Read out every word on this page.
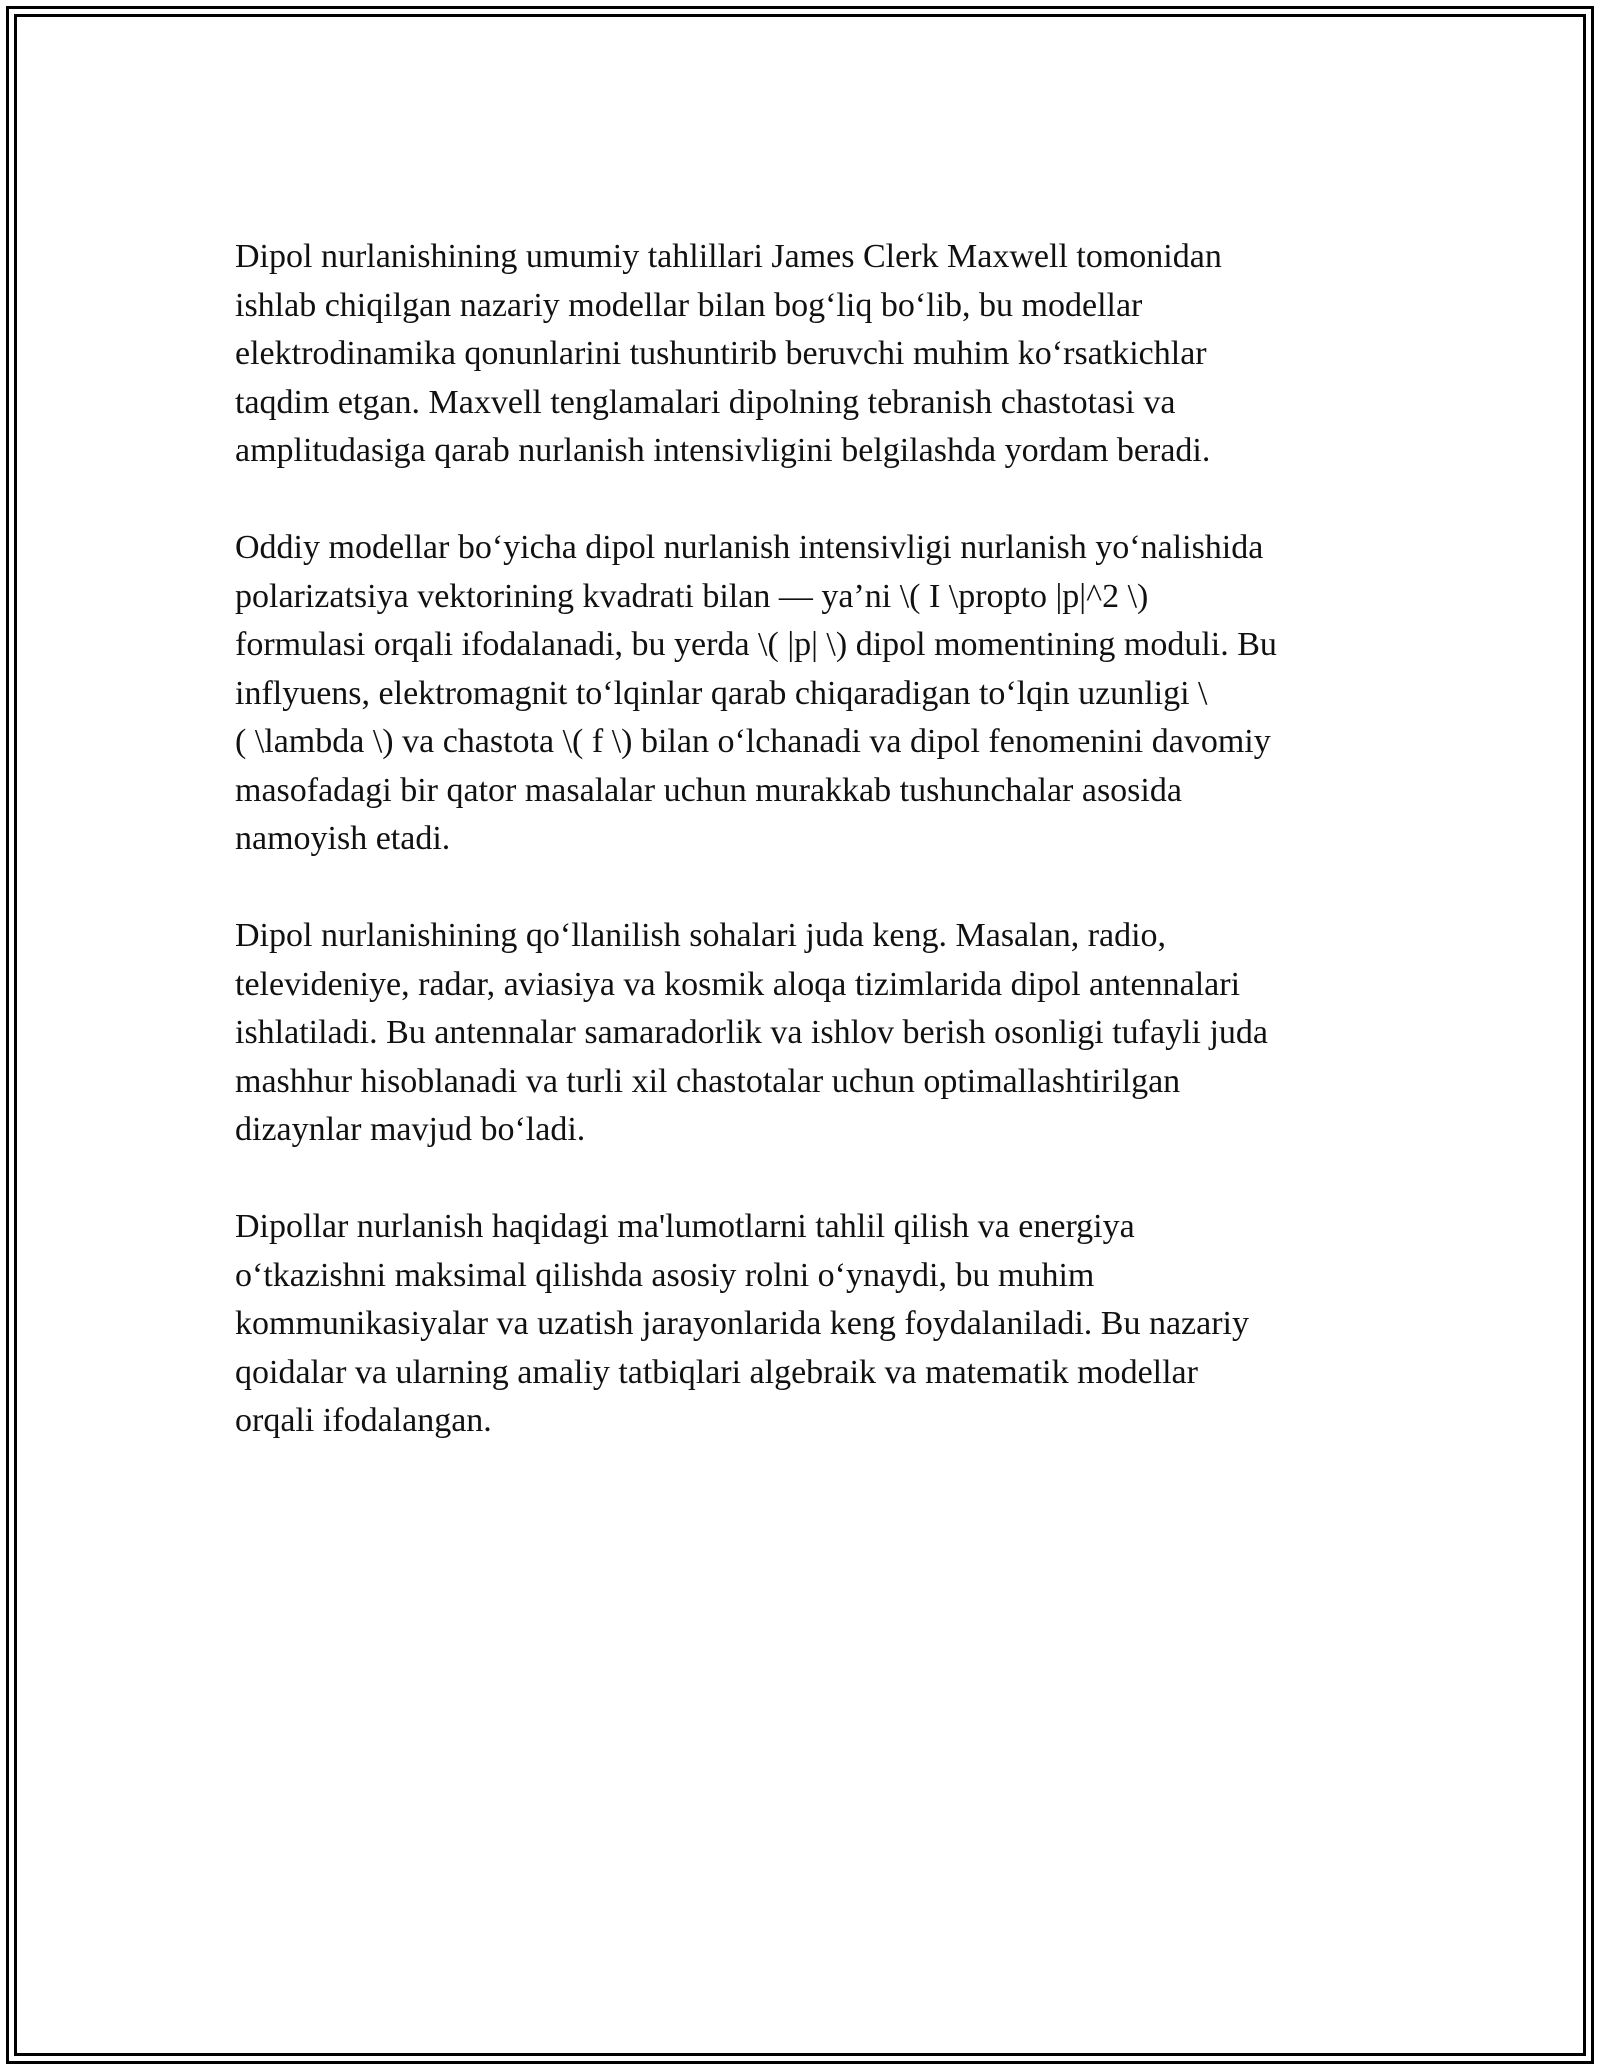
Dipol nurlanishining umumiy tahlillari James Clerk Maxwell tomonidan
ishlab chiqilgan nazariy modellar bilan bog‘liq bo‘lib, bu modellar
elektrodinamika qonunlarini tushuntirib beruvchi muhim ko‘rsatkichlar
taqdim etgan. Maxvell tenglamalari dipolning tebranish chastotasi va
amplitudasiga qarab nurlanish intensivligini belgilashda yordam beradi.

Oddiy modellar bo‘yicha dipol nurlanish intensivligi nurlanish yo‘nalishida
polarizatsiya vektorining kvadrati bilan — ya’ni \( I \propto |p|^2 \)
formulasi orqali ifodalanadi, bu yerda \( |p| \) dipol momentining moduli. Bu
inflyuens, elektromagnit to‘lqinlar qarab chiqaradigan to‘lqin uzunligi \
( \lambda \) va chastota \( f \) bilan o‘lchanadi va dipol fenomenini davomiy
masofadagi bir qator masalalar uchun murakkab tushunchalar asosida
namoyish etadi.

Dipol nurlanishining qo‘llanilish sohalari juda keng. Masalan, radio,
televideniye, radar, aviasiya va kosmik aloqa tizimlarida dipol antennalari
ishlatiladi. Bu antennalar samaradorlik va ishlov berish osonligi tufayli juda
mashhur hisoblanadi va turli xil chastotalar uchun optimallashtirilgan
dizaynlar mavjud bo‘ladi.

Dipollar nurlanish haqidagi ma'lumotlarni tahlil qilish va energiya
o‘tkazishni maksimal qilishda asosiy rolni o‘ynaydi, bu muhim
kommunikasiyalar va uzatish jarayonlarida keng foydalaniladi. Bu nazariy
qoidalar va ularning amaliy tatbiqlari algebraik va matematik modellar
orqali ifodalangan.
